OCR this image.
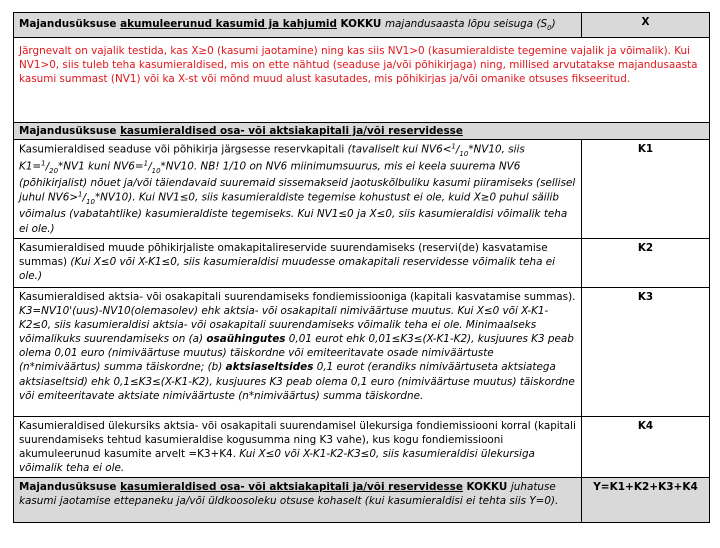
Majandusüksuse akumuleerunud kasumid ja kahjumid KOKKU majandusaasta lõpu seisuga $(S_0)$	X
Järgnevalt on vajalik testida, kas X≥0 (kasumi jaotamine) ning kas siis NV1>0 (kasumieraldiste tegemine vajalik ja võimalik). Kui NV1>0, siis tuleb teha kasumieraldised, mis on ette nähtud (seaduse ja/või põhikirjaga) ning, millised arvutatakse majandusaasta kasumi summast (NV1) või ka X-st või mõnd muud alust kasutades, mis põhikirjas ja/või omanike otsuses fikseeritud.	
Majandusüksuse kasumieraldised osa- või aktsiakapitali ja/või reservidesse	
Kasumieraldised seaduse või põhikirja järgsesse reservkapitali (tavaliselt kui $NV6<^1/_{10}*NV10$, siis $K1=^1/_{20}*NV1$ kuni $NV6=^1/_{10}*NV10$. NB! 1/10 on NV6 miinimumsuurus, mis ei keela suurema NV6 (põhikirjalist) nõuet ja/või täiendavaid suuremaid sissemakseid jaotuskõlbuliku kasumi piiramiseks (sellisel juhul $NV6>^1/_{10}*NV10$). Kui NV1≤0, siis kasumieraldiste tegemise kohustust ei ole, kuid X≥0 puhul säilib võimalus (vabatahtlike) kasumieraldiste tegemiseks. Kui NV1≤0 ja X≤0, siis kasumieraldisi võimalik teha ei ole.)	K1
Kasumieraldised muude põhikirjaliste omakapitalireservide suurendamiseks (reservi(de) kasvatamise summas) (Kui X≤0 või X-K1≤0, siis kasumieraldisi muudesse omakapitali reservidesse võimalik teha ei ole.)	K2
Kasumieraldised aktsia- või osakapitali suurendamiseks fondiemissiooniga (kapitali kasvatamise summas). K3=NV10'(uus)-NV10(olemasolev) ehk aktsia- või osakapitali nimiväärtuse muutus. Kui X≤0 või X-K1-K2≤0, siis kasumieraldisi aktsia- või osakapitali suurendamiseks võimalik teha ei ole. Minimaalseks võimalikuks suurendamiseks on (a) osaühingutes 0,01 eurot ehk 0,01≤K3≤(X-K1-K2), kusjuures K3 peab olema 0,01 euro (nimiväärtuse muutus) täiskordne või emiteeritavate osade nimiväärtuste (n*nimiväärtus) summa täiskordne; (b) aktsiaseltsides 0,1 eurot (erandiks nimiväärtuseta aktsiatega aktsiaseltsid) ehk 0,1≤K3≤(X-K1-K2), kusjuures K3 peab olema 0,1 euro (nimiväärtuse muutus) täiskordne või emiteeritavate aktsiate nimiväärtuste (n*nimiväärtus) summa täiskordne.	K3
Kasumieraldised ülekursiks aktsia- või osakapitali suurendamisel ülekursiga fondiemissiooni korral (kapitali suurendamiseks tehtud kasumieraldise kogusumma ning K3 vahe), kus kogu fondiemissiooni akumuleerunud kasumite arvelt =K3+K4. Kui X≤0 või X-K1-K2-K3≤0, siis kasumieraldisi ülekursiga võimalik teha ei ole.	K4
Majandusüksuse kasumieraldised osa- või aktsiakapitali ja/või reservidesse KOKKU juhatuse kasumi jaotamise ettepaneku ja/või üldkoosoleku otsuse kohaselt (kui kasumieraldisi ei tehta siis Y=0).	Y=K1+K2+K3+K4
